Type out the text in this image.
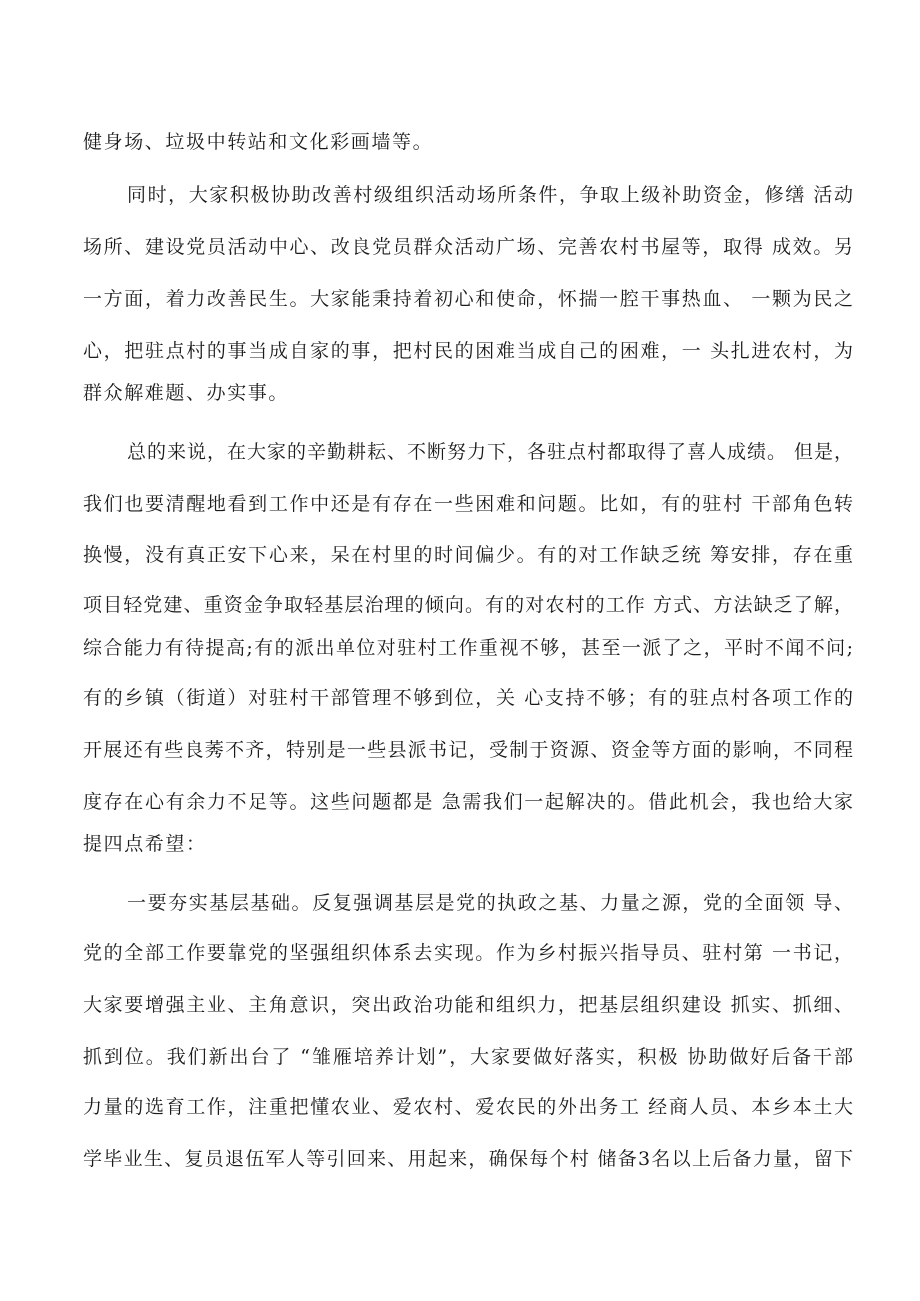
健身场、垃圾中转站和文化彩画墙等。

同时，大家积极协助改善村级组织活动场所条件，争取上级补助资金，修缮 活动

场所、建设党员活动中心、改良党员群众活动广场、完善农村书屋等，取得 成效。另

一方面，着力改善民生。大家能秉持着初心和使命，怀揣一腔干事热血、 一颗为民之

心，把驻点村的事当成自家的事，把村民的困难当成自己的困难，一 头扎进农村，为

群众解难题、办实事。

总的来说，在大家的辛勤耕耘、不断努力下，各驻点村都取得了喜人成绩。 但是，

我们也要清醒地看到工作中还是有存在一些困难和问题。比如，有的驻村 干部角色转

换慢，没有真正安下心来，呆在村里的时间偏少。有的对工作缺乏统 筹安排，存在重

项目轻党建、重资金争取轻基层治理的倾向。有的对农村的工作 方式、方法缺乏了解，

综合能力有待提高;有的派出单位对驻村工作重视不够，甚至一派了之，平时不闻不问;

有的乡镇（街道）对驻村干部管理不够到位，关 心支持不够；有的驻点村各项工作的

开展还有些良莠不齐，特别是一些县派书记，受制于资源、资金等方面的影响，不同程

度存在心有余力不足等。这些问题都是 急需我们一起解决的。借此机会，我也给大家

提四点希望：

一要夯实基层基础。反复强调基层是党的执政之基、力量之源，党的全面领 导、

党的全部工作要靠党的坚强组织体系去实现。作为乡村振兴指导员、驻村第 一书记，

大家要增强主业、主角意识，突出政治功能和组织力，把基层组织建设 抓实、抓细、

抓到位。我们新出台了 “雏雁培养计划”，大家要做好落实，积极 协助做好后备干部

力量的选育工作，注重把懂农业、爱农村、爱农民的外出务工 经商人员、本乡本土大

学毕业生、复员退伍军人等引回来、用起来，确保每个村 储备3名以上后备力量，留下
